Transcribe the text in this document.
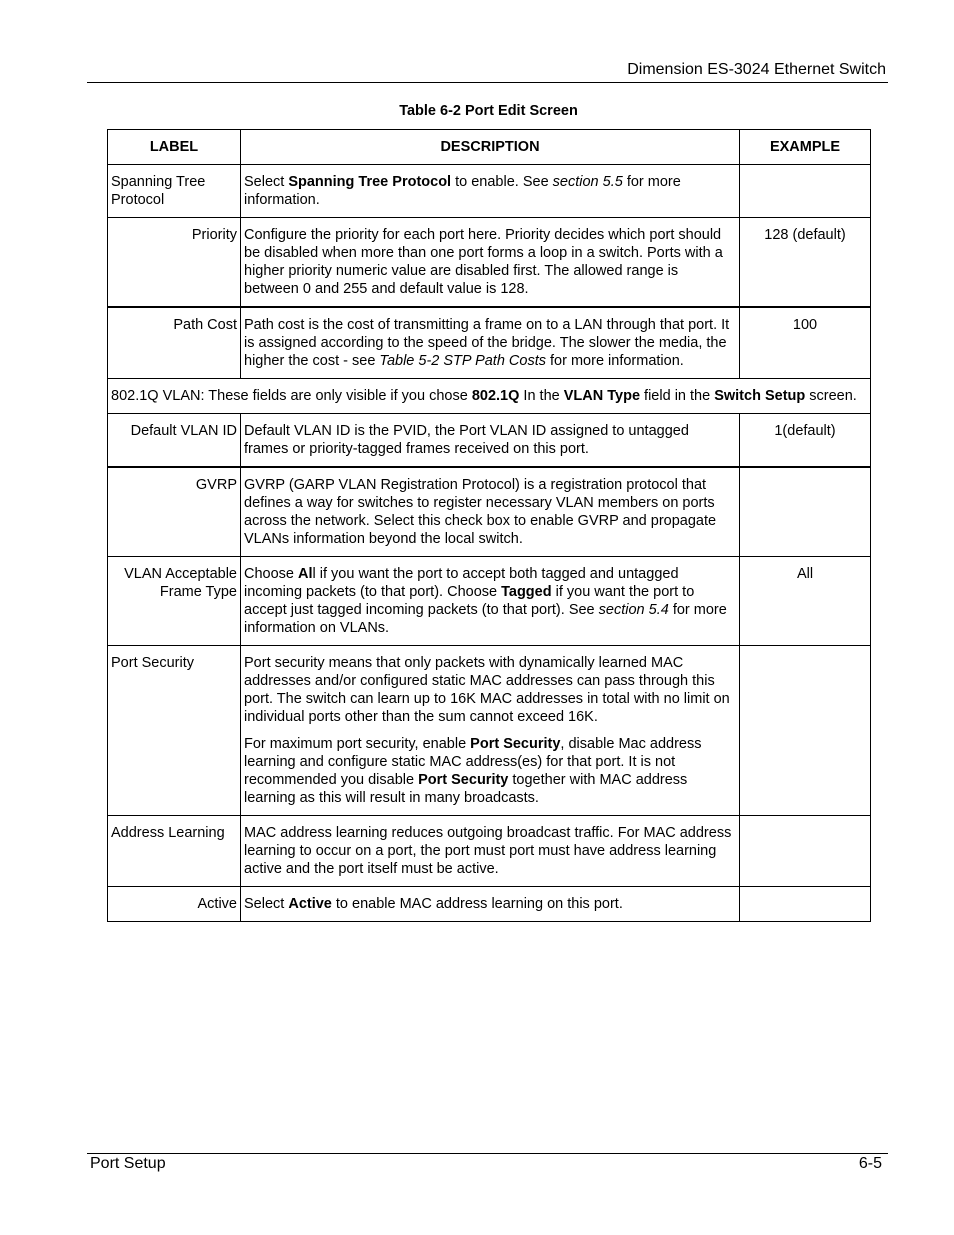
Dimension ES-3024 Ethernet Switch
Table 6-2 Port Edit Screen
LABEL	DESCRIPTION	EXAMPLE
Spanning Tree Protocol	Select Spanning Tree Protocol to enable. See section 5.5 for more information.	

Priority	Configure the priority for each port here. Priority decides which port should be disabled when more than one port forms a loop in a switch. Ports with a higher priority numeric value are disabled first. The allowed range is between 0 and 255 and default value is 128.	128 (default)
Path Cost	Path cost is the cost of transmitting a frame on to a LAN through that port. It is assigned according to the speed of the bridge. The slower the media, the higher the cost - see Table 5-2 STP Path Costs for more information.	100
802.1Q VLAN: These fields are only visible if you chose 802.1Q In the VLAN Type field in the Switch Setup screen.		
Default VLAN ID	Default VLAN ID is the PVID, the Port VLAN ID assigned to untagged frames or priority-tagged frames received on this port.	1(default)
GVRP	GVRP (GARP VLAN Registration Protocol) is a registration protocol that defines a way for switches to register necessary VLAN members on ports across the network. Select this check box to enable GVRP and propagate VLANs information beyond the local switch.	

VLAN Acceptable Frame Type	Choose All if you want the port to accept both tagged and untagged incoming packets (to that port). Choose Tagged if you want the port to accept just tagged incoming packets (to that port). See section 5.4 for more information on VLANs.	All
Port Security	Port security means that only packets with dynamically learned MAC addresses and/or configured static MAC addresses can pass through this port. The switch can learn up to 16K MAC addresses in total with no limit on individual ports other than the sum cannot exceed 16K.

For maximum port security, enable Port Security, disable Mac address learning and configure static MAC address(es) for that port. It is not recommended you disable Port Security together with MAC address learning as this will result in many broadcasts.	

Address Learning	MAC address learning reduces outgoing broadcast traffic. For MAC address learning to occur on a port, the port must port must have address learning active and the port itself must be active.	

Active	Select Active to enable MAC address learning on this port.	

Port Setup	6-5
